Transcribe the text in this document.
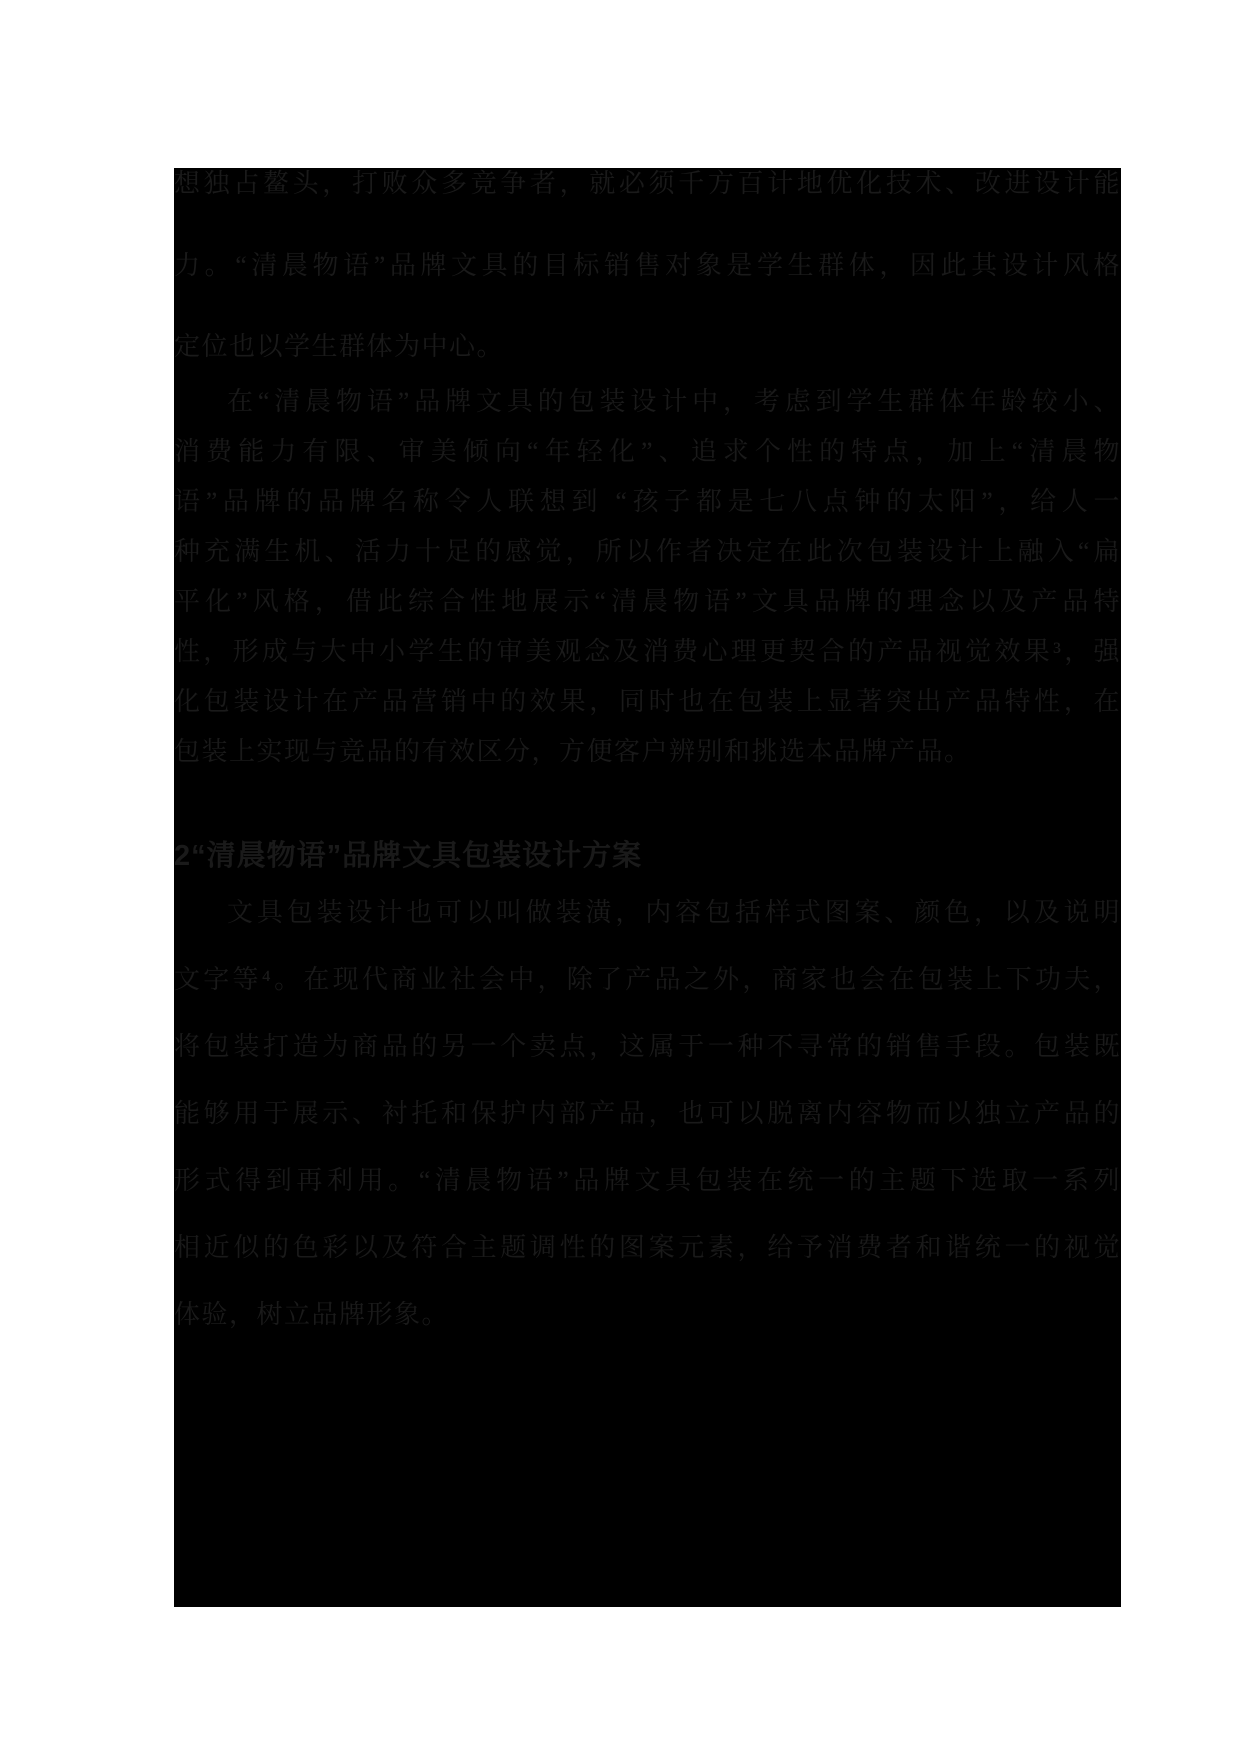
想独占鳌头，打败众多竞争者，就必须千方百计地优化技术、改进设计能
力。“清晨物语”品牌文具的目标销售对象是学生群体，因此其设计风格
定位也以学生群体为中心。
在“清晨物语”品牌文具的包装设计中，考虑到学生群体年龄较小、
消费能力有限、审美倾向“年轻化”、追求个性的特点，加上“清晨物
语”品牌的品牌名称令人联想到 “孩子都是七八点钟的太阳”，给人一
种充满生机、活力十足的感觉，所以作者决定在此次包装设计上融入“扁
平化”风格，借此综合性地展示“清晨物语”文具品牌的理念以及产品特
性，形成与大中小学生的审美观念及消费心理更契合的产品视觉效果³，强
化包装设计在产品营销中的效果，同时也在包装上显著突出产品特性，在
包装上实现与竞品的有效区分，方便客户辨别和挑选本品牌产品。
2“清晨物语”品牌文具包装设计方案
文具包装设计也可以叫做装潢，内容包括样式图案、颜色，以及说明
文字等⁴。在现代商业社会中，除了产品之外，商家也会在包装上下功夫，
将包装打造为商品的另一个卖点，这属于一种不寻常的销售手段。包装既
能够用于展示、衬托和保护内部产品，也可以脱离内容物而以独立产品的
形式得到再利用。“清晨物语”品牌文具包装在统一的主题下选取一系列
相近似的色彩以及符合主题调性的图案元素，给予消费者和谐统一的视觉
体验，树立品牌形象。
